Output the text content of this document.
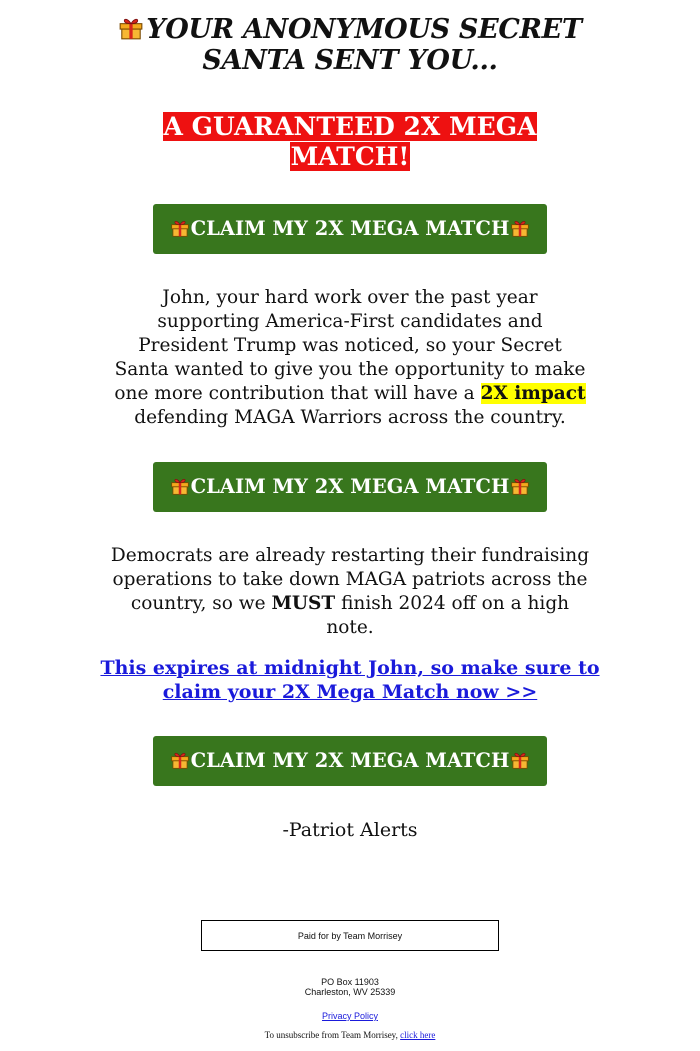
YOUR ANONYMOUS SECRET
SANTA SENT YOU...
A GUARANTEED 2X MEGA MATCH!
CLAIM MY 2X MEGA MATCH

John, your hard work over the past year supporting America-First candidates and President Trump was noticed, so your Secret Santa wanted to give you the opportunity to make one more contribution that will have a 2X impact defending MAGA Warriors across the country.

CLAIM MY 2X MEGA MATCH

Democrats are already restarting their fundraising operations to take down MAGA patriots across the country, so we MUST finish 2024 off on a high note.

This expires at midnight John, so make sure to claim your 2X Mega Match now >>
CLAIM MY 2X MEGA MATCH
-Patriot Alerts
Paid for by Team Morrisey
PO Box 11903
Charleston, WV 25339
Privacy Policy
To unsubscribe from Team Morrisey, click here
